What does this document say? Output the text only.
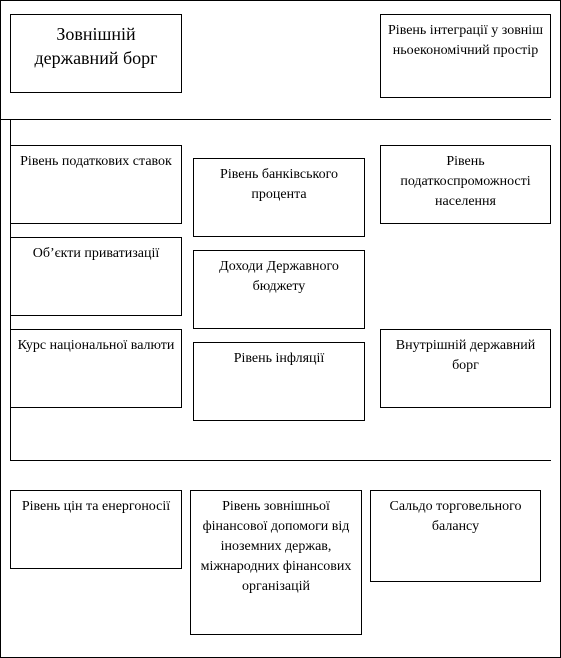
Зовнішній державний борг
Рівень інтеграції у зовнішньоекономічний простір
Рівень податкових ставок
Об’єкти приватизації
Курс національної валюти
Рівень банківського процента
Доходи Державного бюджету
Рівень інфляції
Рівень податкоспроможності населення
Внутрішній державний борг
Рівень цін та енергоносії	Рівень зовнішньої фінансової допомоги від іноземних держав, міжнародних фінансових організацій
Сальдо торговельного балансу
